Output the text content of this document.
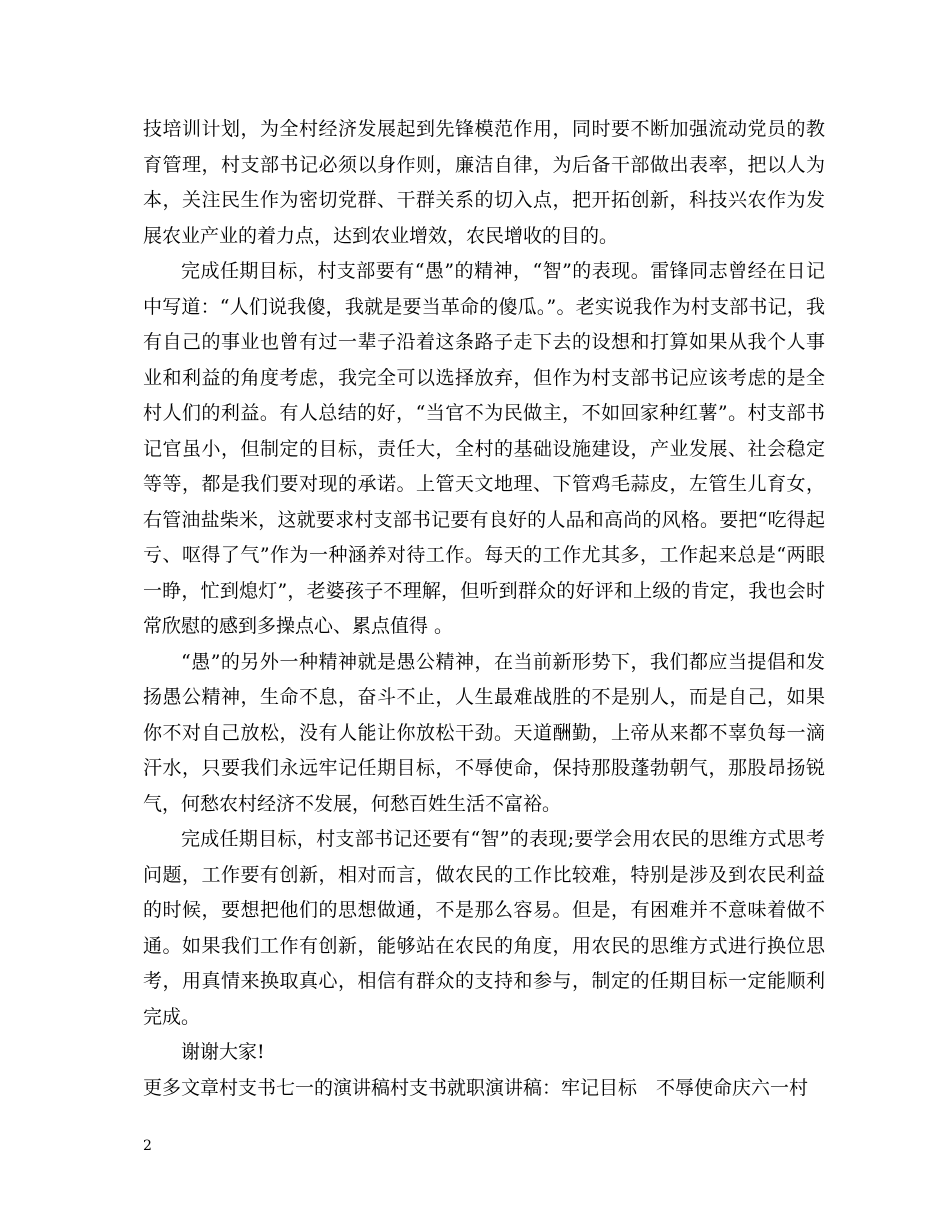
技培训计划，为全村经济发展起到先锋模范作用，同时要不断加强流动党员的教育管理，村支部书记必须以身作则，廉洁自律，为后备干部做出表率，把以人为本，关注民生作为密切党群、干群关系的切入点，把开拓创新，科技兴农作为发展农业产业的着力点，达到农业增效，农民增收的目的。

完成任期目标，村支部要有“愚”的精神，“智”的表现。雷锋同志曾经在日记中写道：“人们说我傻，我就是要当革命的傻瓜。”。老实说我作为村支部书记，我有自己的事业也曾有过一辈子沿着这条路子走下去的设想和打算如果从我个人事业和利益的角度考虑，我完全可以选择放弃，但作为村支部书记应该考虑的是全村人们的利益。有人总结的好，“当官不为民做主，不如回家种红薯”。村支部书记官虽小，但制定的目标，责任大，全村的基础设施建设，产业发展、社会稳定等等，都是我们要对现的承诺。上管天文地理、下管鸡毛蒜皮，左管生儿育女，右管油盐柴米，这就要求村支部书记要有良好的人品和高尚的风格。要把“吃得起亏、呕得了气”作为一种涵养对待工作。每天的工作尤其多，工作起来总是“两眼一睁，忙到熄灯”，老婆孩子不理解，但听到群众的好评和上级的肯定，我也会时常欣慰的感到多操点心、累点值得 。

“愚”的另外一种精神就是愚公精神，在当前新形势下，我们都应当提倡和发扬愚公精神，生命不息，奋斗不止，人生最难战胜的不是别人，而是自己，如果你不对自己放松，没有人能让你放松干劲。天道酬勤，上帝从来都不辜负每一滴汗水，只要我们永远牢记任期目标，不辱使命，保持那股蓬勃朝气，那股昂扬锐气，何愁农村经济不发展，何愁百姓生活不富裕。

完成任期目标，村支部书记还要有“智”的表现;要学会用农民的思维方式思考问题，工作要有创新，相对而言，做农民的工作比较难，特别是涉及到农民利益的时候，要想把他们的思想做通，不是那么容易。但是，有困难并不意味着做不通。如果我们工作有创新，能够站在农民的角度，用农民的思维方式进行换位思考，用真情来换取真心，相信有群众的支持和参与，制定的任期目标一定能顺利完成。

谢谢大家!

更多文章村支书七一的演讲稿村支书就职演讲稿：牢记目标　不辱使命庆六一村

2
